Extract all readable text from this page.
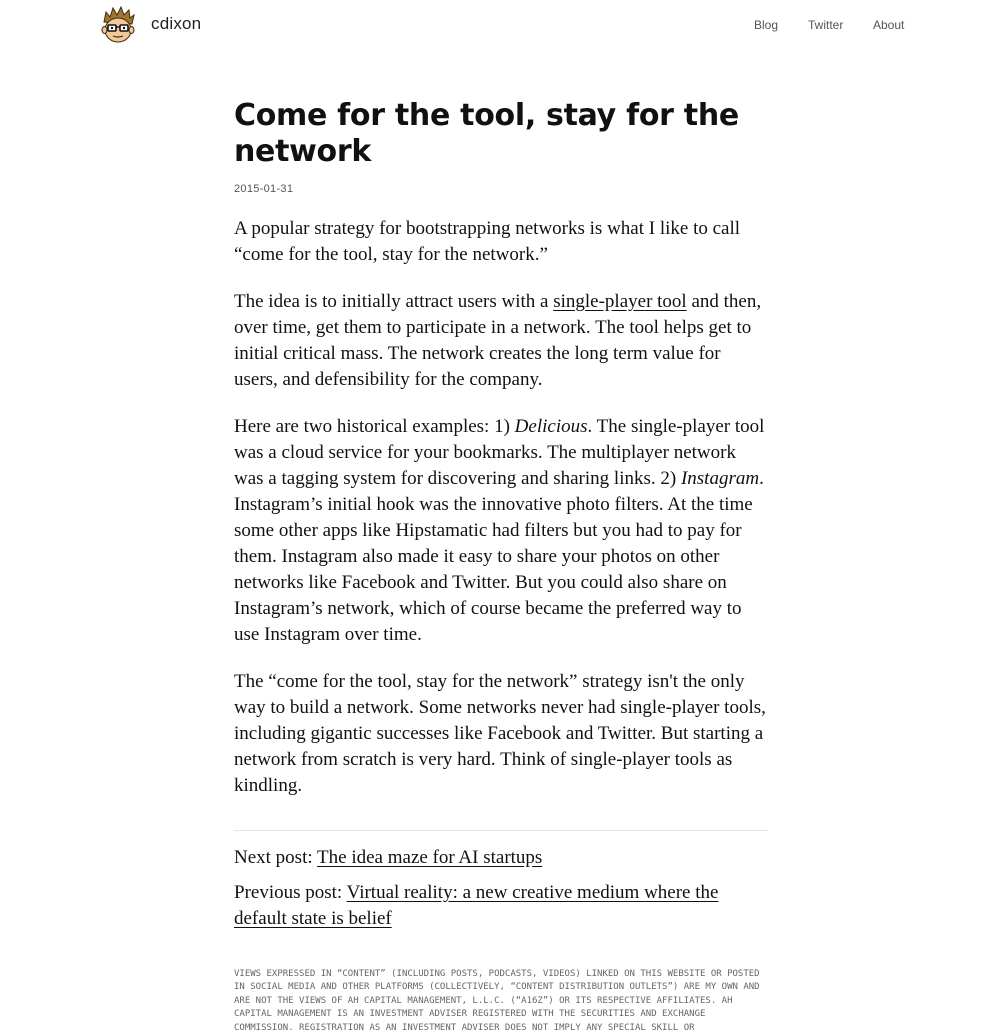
cdixon	Blog Twitter About
Come for the tool, stay for the network
2015-01-31

A popular strategy for bootstrapping networks is what I like to call “come for the tool, stay for the network.”

The idea is to initially attract users with a single-player tool and then, over time, get them to participate in a network. The tool helps get to initial critical mass. The network creates the long term value for users, and defensibility for the company.

Here are two historical examples: 1) Delicious. The single-player tool was a cloud service for your bookmarks. The multiplayer network was a tagging system for discovering and sharing links. 2) Instagram. Instagram’s initial hook was the innovative photo filters. At the time some other apps like Hipstamatic had filters but you had to pay for them. Instagram also made it easy to share your photos on other networks like Facebook and Twitter. But you could also share on Instagram’s network, which of course became the preferred way to use Instagram over time.

The “come for the tool, stay for the network” strategy isn't the only way to build a network. Some networks never had single-player tools, including gigantic successes like Facebook and Twitter. But starting a network from scratch is very hard. Think of single-player tools as kindling.

Next post: The idea maze for AI startups
Previous post: Virtual reality: a new creative medium where the default state is belief
VIEWS EXPRESSED IN “CONTENT” (INCLUDING POSTS, PODCASTS, VIDEOS) LINKED ON THIS WEBSITE OR POSTED IN SOCIAL MEDIA AND OTHER PLATFORMS (COLLECTIVELY, “CONTENT DISTRIBUTION OUTLETS”) ARE MY OWN AND ARE NOT THE VIEWS OF AH CAPITAL MANAGEMENT, L.L.C. (“A16Z”) OR ITS RESPECTIVE AFFILIATES. AH CAPITAL MANAGEMENT IS AN INVESTMENT ADVISER REGISTERED WITH THE SECURITIES AND EXCHANGE COMMISSION. REGISTRATION AS AN INVESTMENT ADVISER DOES NOT IMPLY ANY SPECIAL SKILL OR
